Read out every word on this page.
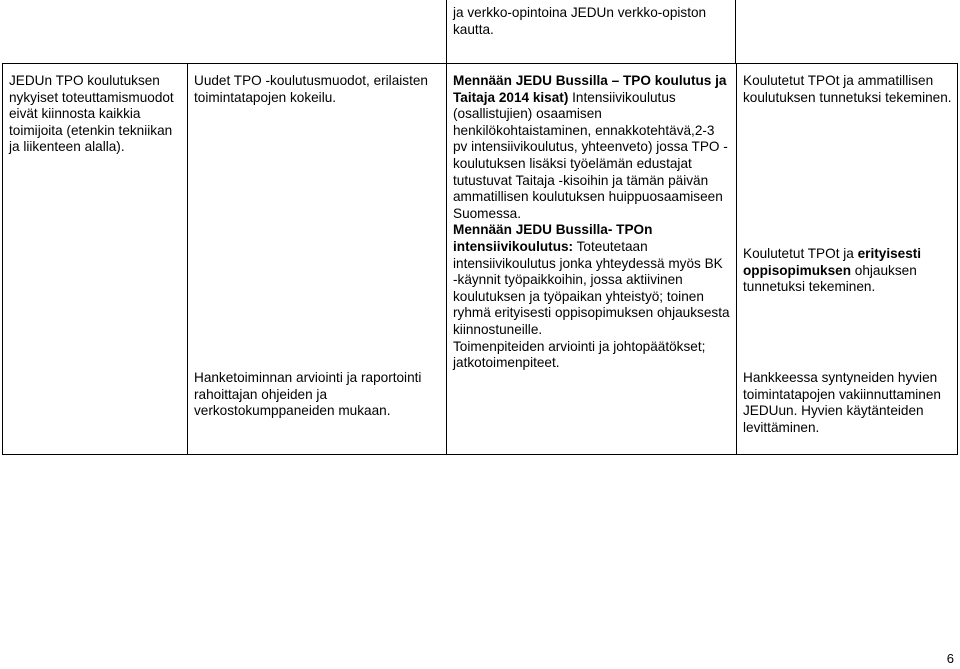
ja verkko-opintoina JEDUn verkko-opiston kautta.

JEDUn TPO koulutuksen nykyiset toteuttamismuodot eivät kiinnosta kaikkia toimijoita (etenkin tekniikan ja liikenteen alalla).

Uudet TPO -koulutusmuodot, erilaisten toimintatapojen kokeilu.

Hanketoiminnan arviointi ja raportointi rahoittajan ohjeiden ja verkostokumppaneiden mukaan.

Mennään JEDU Bussilla – TPO koulutus ja Taitaja 2014 kisat) Intensiivikoulutus (osallistujien) osaamisen henkilökohtaistaminen, ennakkotehtävä,2-3 pv intensiivikoulutus, yhteenveto) jossa TPO -koulutuksen lisäksi työelämän edustajat tutustuvat Taitaja -kisoihin ja tämän päivän ammatillisen koulutuksen huippuosaamiseen Suomessa.

Mennään JEDU Bussilla- TPOn intensiivikoulutus: Toteutetaan intensiivikoulutus jonka yhteydessä myös BK -käynnit työpaikkoihin, jossa aktiivinen koulutuksen ja työpaikan yhteistyö; toinen ryhmä erityisesti oppisopimuksen ohjauksesta kiinnostuneille.

Toimenpiteiden arviointi ja johtopäätökset; jatkotoimenpiteet.

Koulutetut TPOt ja ammatillisen koulutuksen tunnetuksi tekeminen.

Koulutetut TPOt ja erityisesti oppisopimuksen ohjauksen tunnetuksi tekeminen.

Hankkeessa syntyneiden hyvien toimintatapojen vakiinnuttaminen JEDUun. Hyvien käytänteiden levittäminen.

6
